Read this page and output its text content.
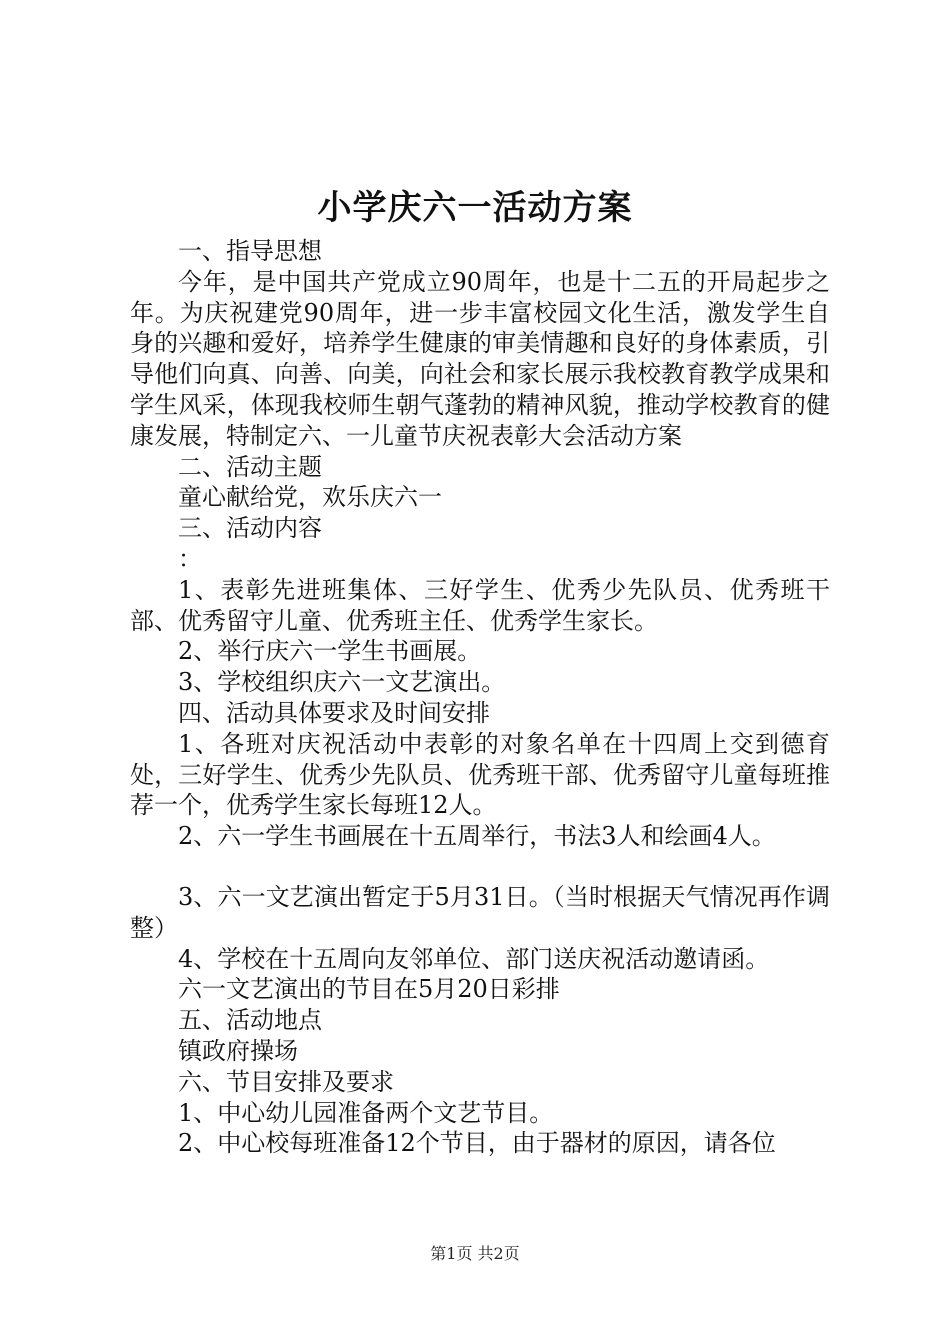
小学庆六一活动方案

一、指导思想

今年，是中国共产党成立90周年，也是十二五的开局起步之年。为庆祝建党90周年，进一步丰富校园文化生活，激发学生自身的兴趣和爱好，培养学生健康的审美情趣和良好的身体素质，引导他们向真、向善、向美，向社会和家长展示我校教育教学成果和学生风采，体现我校师生朝气蓬勃的精神风貌，推动学校教育的健康发展，特制定六、一儿童节庆祝表彰大会活动方案

二、活动主题

童心献给党，欢乐庆六一

三、活动内容

：

1、表彰先进班集体、三好学生、优秀少先队员、优秀班干部、优秀留守儿童、优秀班主任、优秀学生家长。

2、举行庆六一学生书画展。

3、学校组织庆六一文艺演出。

四、活动具体要求及时间安排

1、各班对庆祝活动中表彰的对象名单在十四周上交到德育处，三好学生、优秀少先队员、优秀班干部、优秀留守儿童每班推荐一个，优秀学生家长每班12人。

2、六一学生书画展在十五周举行，书法3人和绘画4人。

3、六一文艺演出暂定于5月31日。（当时根据天气情况再作调整）

4、学校在十五周向友邻单位、部门送庆祝活动邀请函。

六一文艺演出的节目在5月20日彩排

五、活动地点

镇政府操场

六、节目安排及要求

1、中心幼儿园准备两个文艺节目。

2、中心校每班准备12个节目，由于器材的原因，请各位

第1页 共2页
